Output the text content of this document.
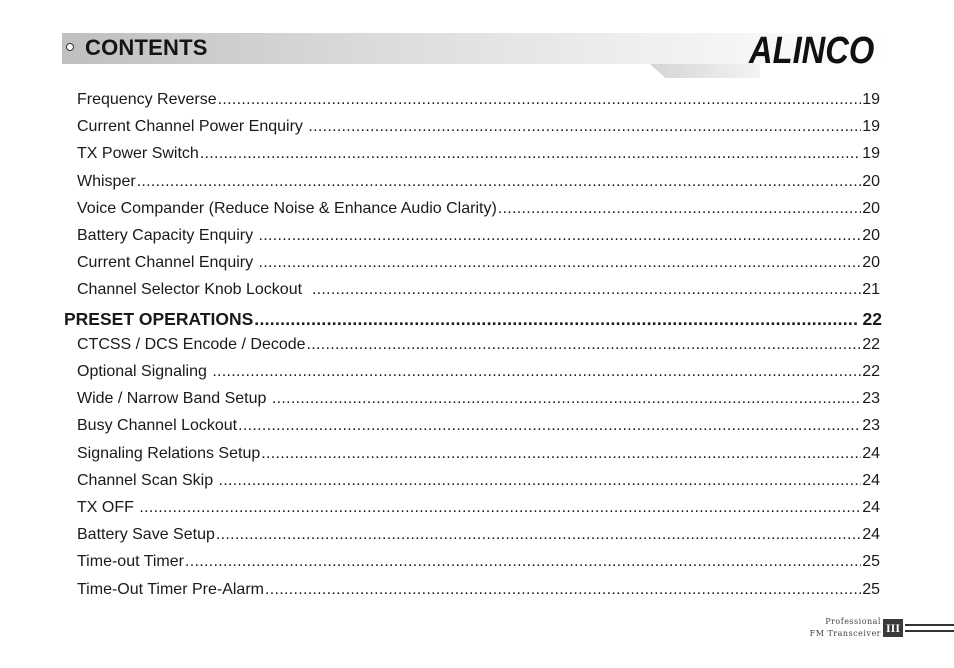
CONTENTS	ALINCO
Frequency Reverse .....	19
Current Channel Power Enquiry .....	19
TX Power Switch .....	19
Whisper .....	20
Voice Compander (Reduce Noise & Enhance Audio Clarity) .....	20
Battery Capacity Enquiry .....	20
Current Channel Enquiry .....	20
Channel Selector Knob Lockout .....	21
PRESET OPERATIONS .....	22
CTCSS / DCS Encode / Decode .....	22
Optional Signaling .....	22
Wide / Narrow Band Setup .....	23
Busy Channel Lockout .....	23
Signaling Relations Setup .....	24
Channel Scan Skip .....	24
TX OFF .....	24
Battery Save Setup .....	24
Time-out Timer .....	25
Time-Out Timer Pre-Alarm .....	25
Professional
FM Transceiver III
